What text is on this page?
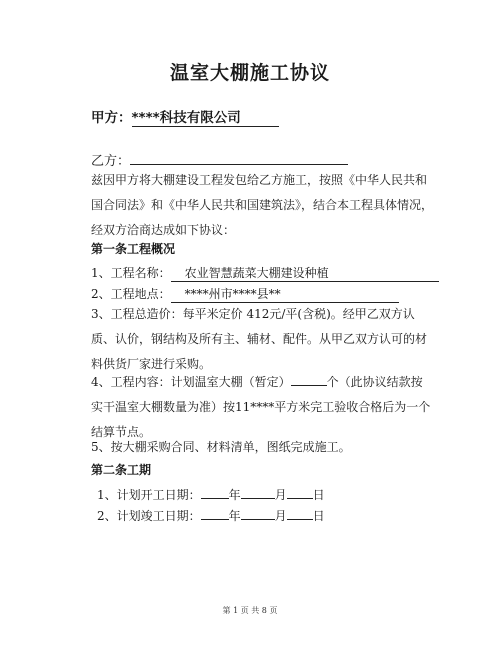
温室大棚施工协议
甲方：****科技有限公司
乙方：
兹因甲方将大棚建设工程发包给乙方施工，按照《中华人民共和国合同法》和《中华人民共和国建筑法》，结合本工程具体情况，经双方洽商达成如下协议：
第一条工程概况
1、工程名称： 农业智慧蔬菜大棚建设种植
2、工程地点： ****州市****县**
3、工程总造价：每平米定价 412元/平(含税)。经甲乙双方认质、认价，钢结构及所有主、辅材、配件。从甲乙双方认可的材料供货厂家进行采购。
4、工程内容：计划温室大棚（暂定）	个（此协议结款按实干温室大棚数量为准）按11****平方米完工验收合格后为一个结算节点。
5、按大棚采购合同、材料清单，图纸完成施工。
第二条工期
1、计划开工日期： 年	月 日
2、计划竣工日期： 年	月 日
第 1 页 共 8 页
